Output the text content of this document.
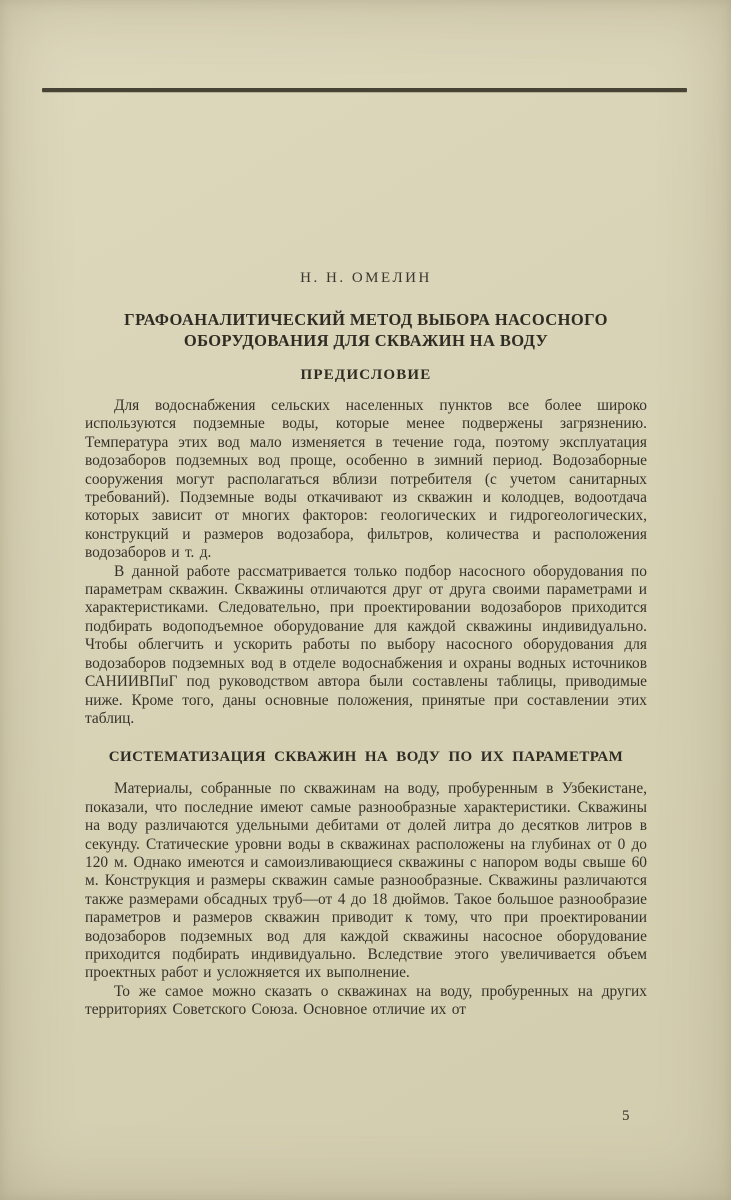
Н. Н. ОМЕЛИН
ГРАФОАНАЛИТИЧЕСКИЙ МЕТОД ВЫБОРА НАСОСНОГО ОБОРУДОВАНИЯ ДЛЯ СКВАЖИН НА ВОДУ
ПРЕДИСЛОВИЕ

Для водоснабжения сельских населенных пунктов все более широко используются подземные воды, которые менее подвержены загрязнению. Температура этих вод мало изменяется в течение года, поэтому эксплуатация водозаборов подземных вод проще, особенно в зимний период. Водозаборные сооружения могут располагаться вблизи потребителя (с учетом санитарных требований). Подземные воды откачивают из скважин и колодцев, водоотдача которых зависит от многих факторов: геологических и гидрогеологических, конструкций и размеров водозабора, фильтров, количества и расположения водозаборов и т. д.

В данной работе рассматривается только подбор насосного оборудования по параметрам скважин. Скважины отличаются друг от друга своими параметрами и характеристиками. Следовательно, при проектировании водозаборов приходится подбирать водоподъемное оборудование для каждой скважины индивидуально. Чтобы облегчить и ускорить работы по выбору насосного оборудования для водозаборов подземных вод в отделе водоснабжения и охраны водных источников САНИИВПиГ под руководством автора были составлены таблицы, приводимые ниже. Кроме того, даны основные положения, принятые при составлении этих таблиц.

СИСТЕМАТИЗАЦИЯ СКВАЖИН НА ВОДУ ПО ИХ ПАРАМЕТРАМ

Материалы, собранные по скважинам на воду, пробуренным в Узбекистане, показали, что последние имеют самые разнообразные характеристики. Скважины на воду различаются удельными дебитами от долей литра до десятков литров в секунду. Статические уровни воды в скважинах расположены на глубинах от 0 до 120 м. Однако имеются и самоизливающиеся скважины с напором воды свыше 60 м. Конструкция и размеры скважин самые разнообразные. Скважины различаются также размерами обсадных труб—от 4 до 18 дюймов. Такое большое разнообразие параметров и размеров скважин приводит к тому, что при проектировании водозаборов подземных вод для каждой скважины насосное оборудование приходится подбирать индивидуально. Вследствие этого увеличивается объем проектных работ и усложняется их выполнение.

То же самое можно сказать о скважинах на воду, пробуренных на других территориях Советского Союза. Основное отличие их от

5
